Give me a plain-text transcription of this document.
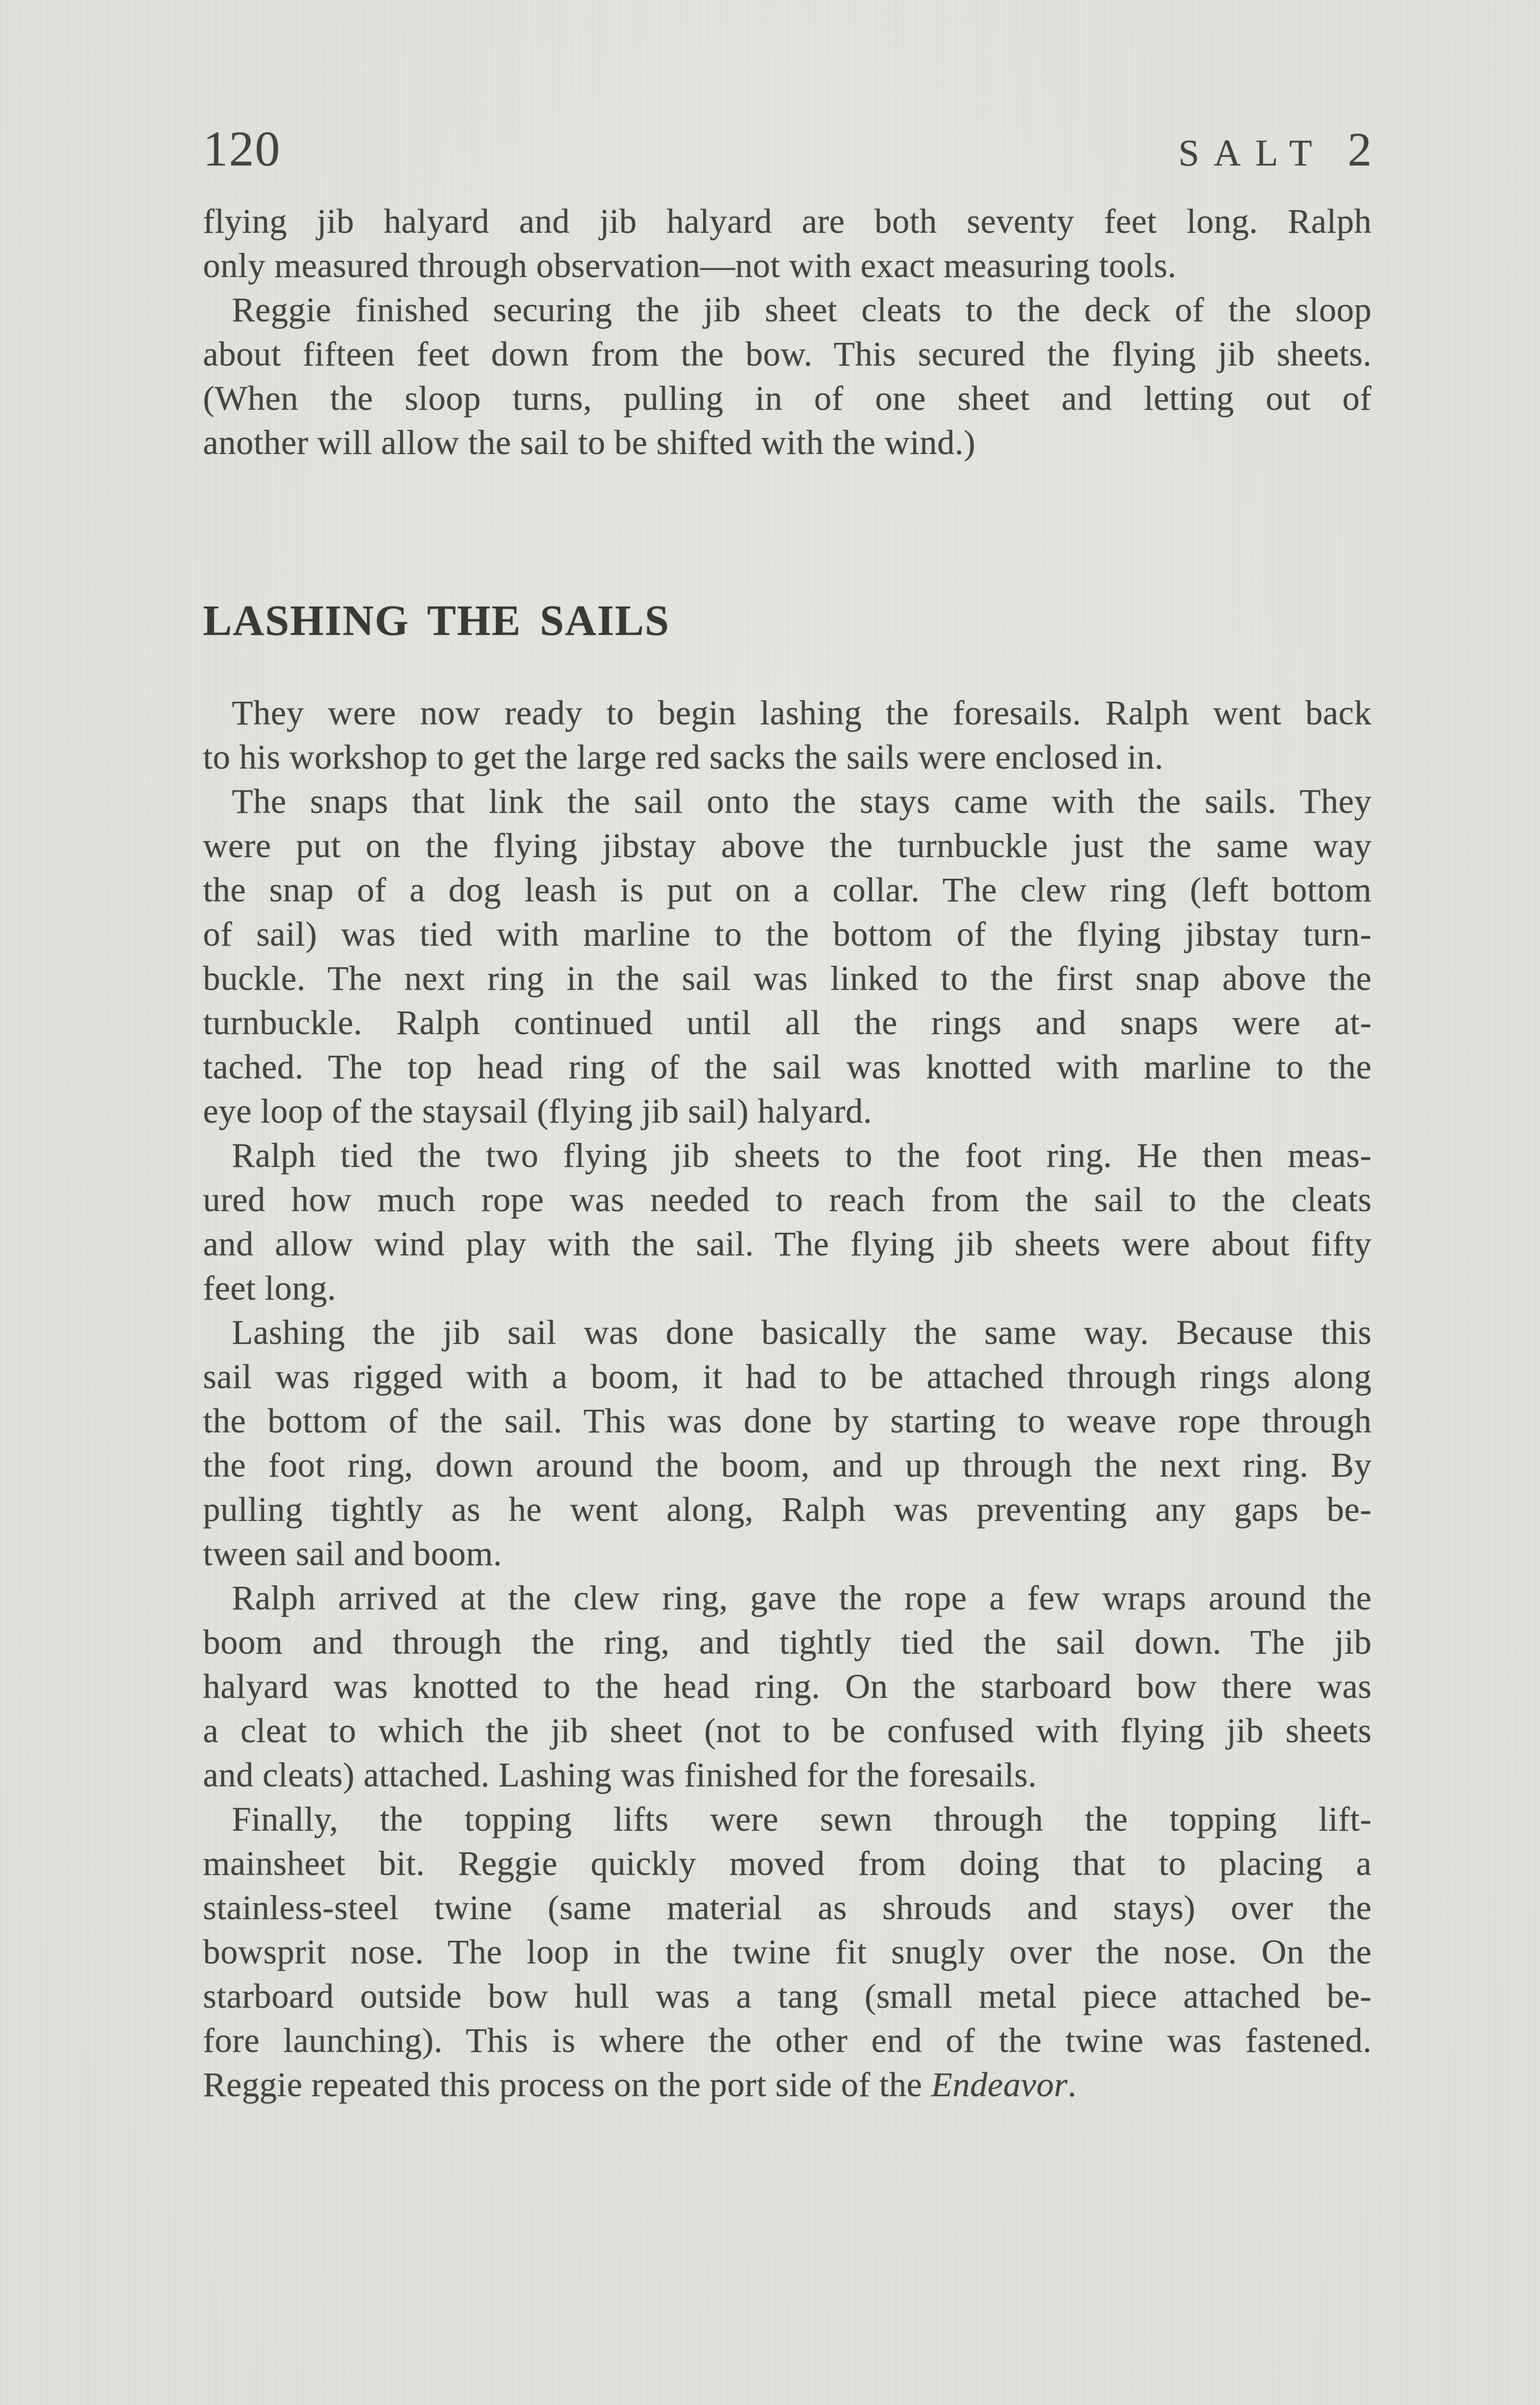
120	SALT 2
flying jib halyard and jib halyard are both seventy feet long. Ralph
only measured through observation—not with exact measuring tools.
Reggie finished securing the jib sheet cleats to the deck of the sloop
about fifteen feet down from the bow. This secured the flying jib sheets.
(When the sloop turns, pulling in of one sheet and letting out of
another will allow the sail to be shifted with the wind.)
LASHING THE SAILS
They were now ready to begin lashing the foresails. Ralph went back
to his workshop to get the large red sacks the sails were enclosed in.
The snaps that link the sail onto the stays came with the sails. They
were put on the flying jibstay above the turnbuckle just the same way
the snap of a dog leash is put on a collar. The clew ring (left bottom
of sail) was tied with marline to the bottom of the flying jibstay turn-
buckle. The next ring in the sail was linked to the first snap above the
turnbuckle. Ralph continued until all the rings and snaps were at-
tached. The top head ring of the sail was knotted with marline to the
eye loop of the staysail (flying jib sail) halyard.
Ralph tied the two flying jib sheets to the foot ring. He then meas-
ured how much rope was needed to reach from the sail to the cleats
and allow wind play with the sail. The flying jib sheets were about fifty
feet long.
Lashing the jib sail was done basically the same way. Because this
sail was rigged with a boom, it had to be attached through rings along
the bottom of the sail. This was done by starting to weave rope through
the foot ring, down around the boom, and up through the next ring. By
pulling tightly as he went along, Ralph was preventing any gaps be-
tween sail and boom.
Ralph arrived at the clew ring, gave the rope a few wraps around the
boom and through the ring, and tightly tied the sail down. The jib
halyard was knotted to the head ring. On the starboard bow there was
a cleat to which the jib sheet (not to be confused with flying jib sheets
and cleats) attached. Lashing was finished for the foresails.
Finally, the topping lifts were sewn through the topping lift-
mainsheet bit. Reggie quickly moved from doing that to placing a
stainless-steel twine (same material as shrouds and stays) over the
bowsprit nose. The loop in the twine fit snugly over the nose. On the
starboard outside bow hull was a tang (small metal piece attached be-
fore launching). This is where the other end of the twine was fastened.
Reggie repeated this process on the port side of the Endeavor.
